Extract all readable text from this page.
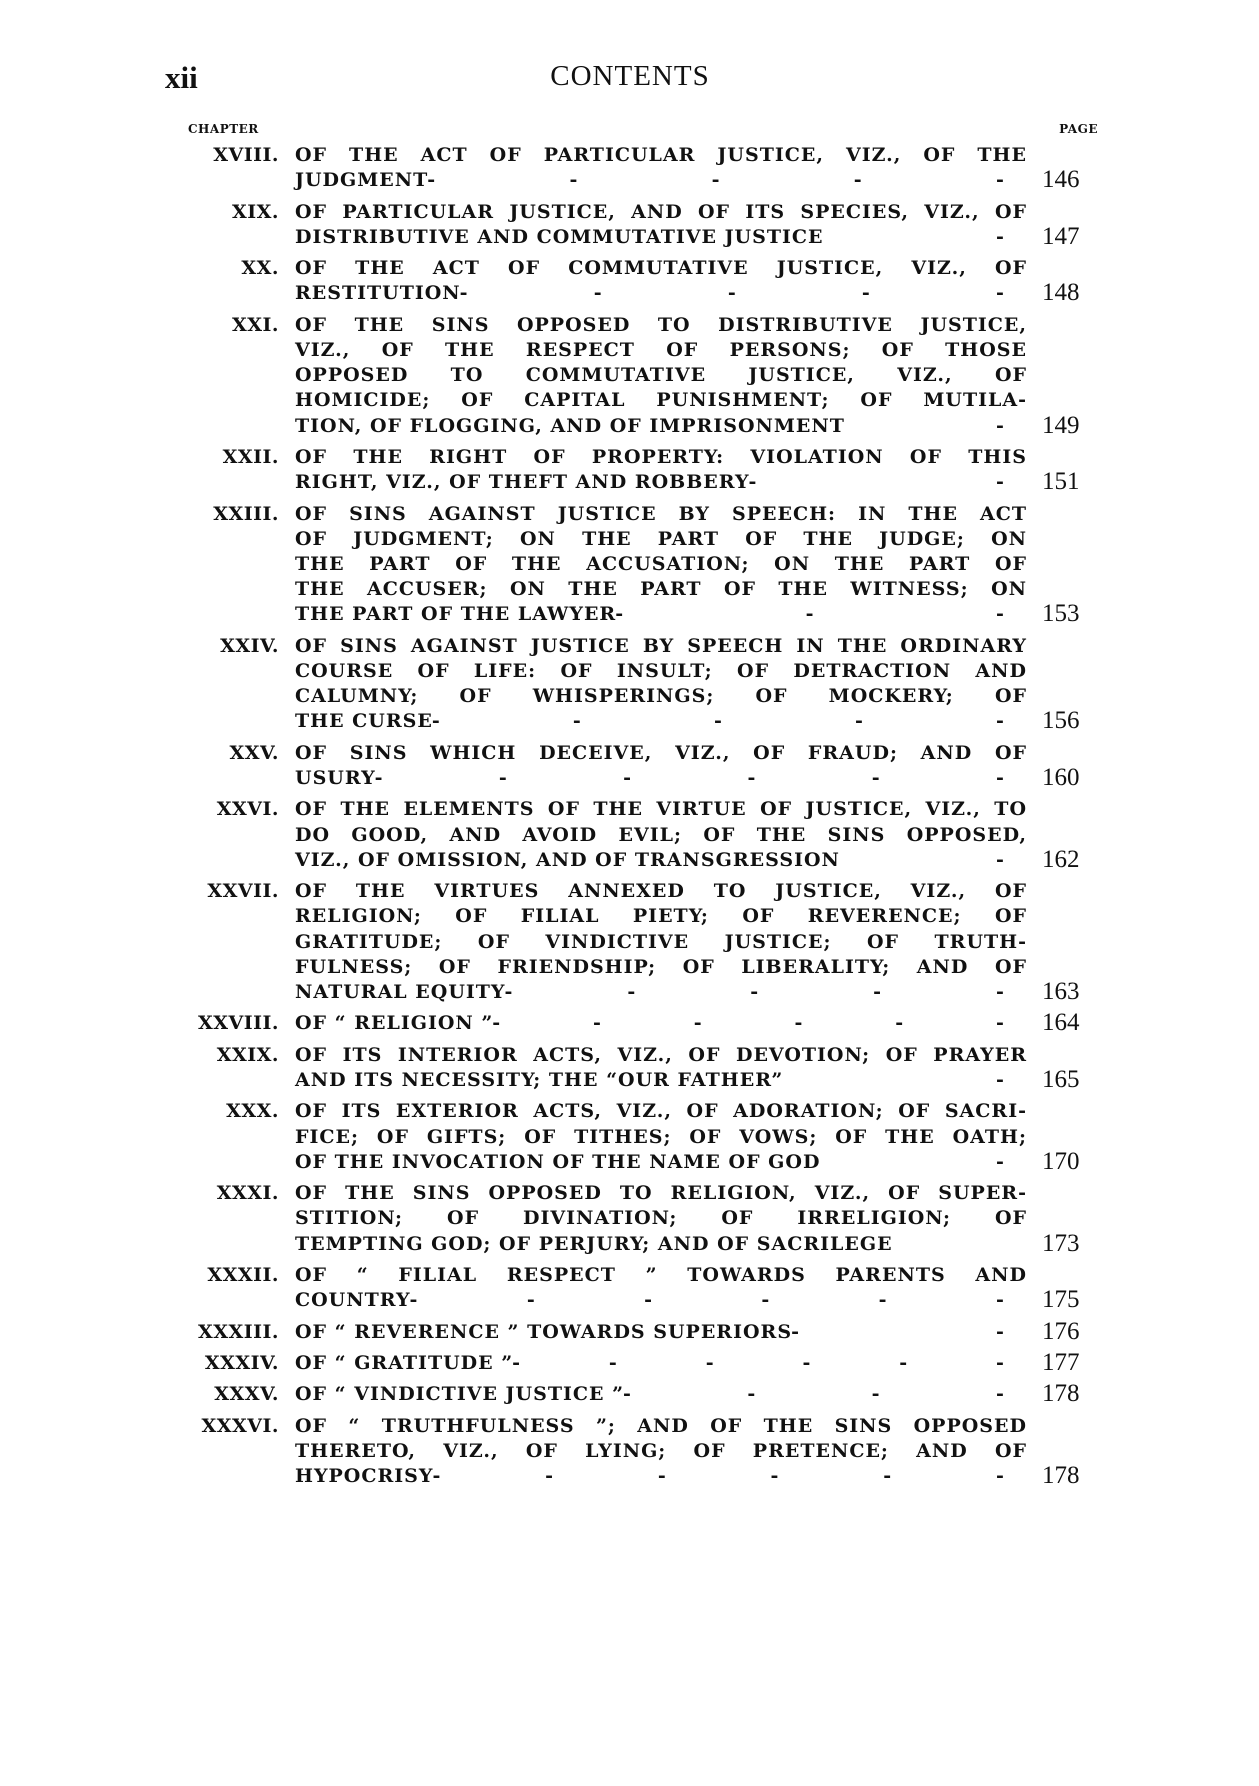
xii	CONTENTS
CHAPTER	PAGE
XVIII. OF THE ACT OF PARTICULAR JUSTICE, VIZ., OF THE
JUDGMENT -	-	-	-	-	146
XIX. OF PARTICULAR JUSTICE, AND OF ITS SPECIES, VIZ., OF
DISTRIBUTIVE AND COMMUTATIVE JUSTICE	-	147
XX. OF THE ACT OF COMMUTATIVE JUSTICE, VIZ., OF
RESTITUTION -	-	-	-	-	148
XXI. OF THE SINS OPPOSED TO DISTRIBUTIVE JUSTICE,
VIZ., OF THE RESPECT OF PERSONS; OF THOSE
OPPOSED TO COMMUTATIVE JUSTICE, VIZ., OF
HOMICIDE; OF CAPITAL PUNISHMENT; OF MUTILA-
TION, OF FLOGGING, AND OF IMPRISONMENT	-	149
XXII. OF THE RIGHT OF PROPERTY: VIOLATION OF THIS
RIGHT, VIZ., OF THEFT AND ROBBERY -	-	151
XXIII. OF SINS AGAINST JUSTICE BY SPEECH: IN THE ACT
OF JUDGMENT; ON THE PART OF THE JUDGE; ON
THE PART OF THE ACCUSATION; ON THE PART OF
THE ACCUSER; ON THE PART OF THE WITNESS; ON
THE PART OF THE LAWYER -	-	-	153
XXIV. OF SINS AGAINST JUSTICE BY SPEECH IN THE ORDINARY
COURSE OF LIFE: OF INSULT; OF DETRACTION AND
CALUMNY; OF WHISPERINGS; OF MOCKERY; OF
THE CURSE -	-	-	-	-	156
XXV. OF SINS WHICH DECEIVE, VIZ., OF FRAUD; AND OF
USURY -	-	-	-	-	-	160
XXVI. OF THE ELEMENTS OF THE VIRTUE OF JUSTICE, VIZ., TO
DO GOOD, AND AVOID EVIL; OF THE SINS OPPOSED,
VIZ., OF OMISSION, AND OF TRANSGRESSION	-	162
XXVII. OF THE VIRTUES ANNEXED TO JUSTICE, VIZ., OF
RELIGION; OF FILIAL PIETY; OF REVERENCE; OF
GRATITUDE; OF VINDICTIVE JUSTICE; OF TRUTH-
FULNESS; OF FRIENDSHIP; OF LIBERALITY; AND OF
NATURAL EQUITY -	-	-	-	-	163
XXVIII. OF “ RELIGION ” -	-	-	-	-	-	164
XXIX. OF ITS INTERIOR ACTS, VIZ., OF DEVOTION; OF PRAYER
AND ITS NECESSITY; THE “OUR FATHER”	-	165
XXX. OF ITS EXTERIOR ACTS, VIZ., OF ADORATION; OF SACRI-
FICE; OF GIFTS; OF TITHES; OF VOWS; OF THE OATH;
OF THE INVOCATION OF THE NAME OF GOD	-	170
XXXI. OF THE SINS OPPOSED TO RELIGION, VIZ., OF SUPER-
STITION; OF DIVINATION; OF IRRELIGION; OF
TEMPTING GOD; OF PERJURY; AND OF SACRILEGE	173
XXXII. OF “ FILIAL RESPECT ” TOWARDS PARENTS AND
COUNTRY -	-	-	-	-	-	175
XXXIII. OF “ REVERENCE ” TOWARDS SUPERIORS -	-	176
XXXIV. OF “ GRATITUDE ” -	-	-	-	-	-	177
XXXV. OF “ VINDICTIVE JUSTICE ” -	-	-	-	178
XXXVI. OF “ TRUTHFULNESS ”; AND OF THE SINS OPPOSED
THERETO, VIZ., OF LYING; OF PRETENCE; AND OF
HYPOCRISY -	-	-	-	-	-	178
